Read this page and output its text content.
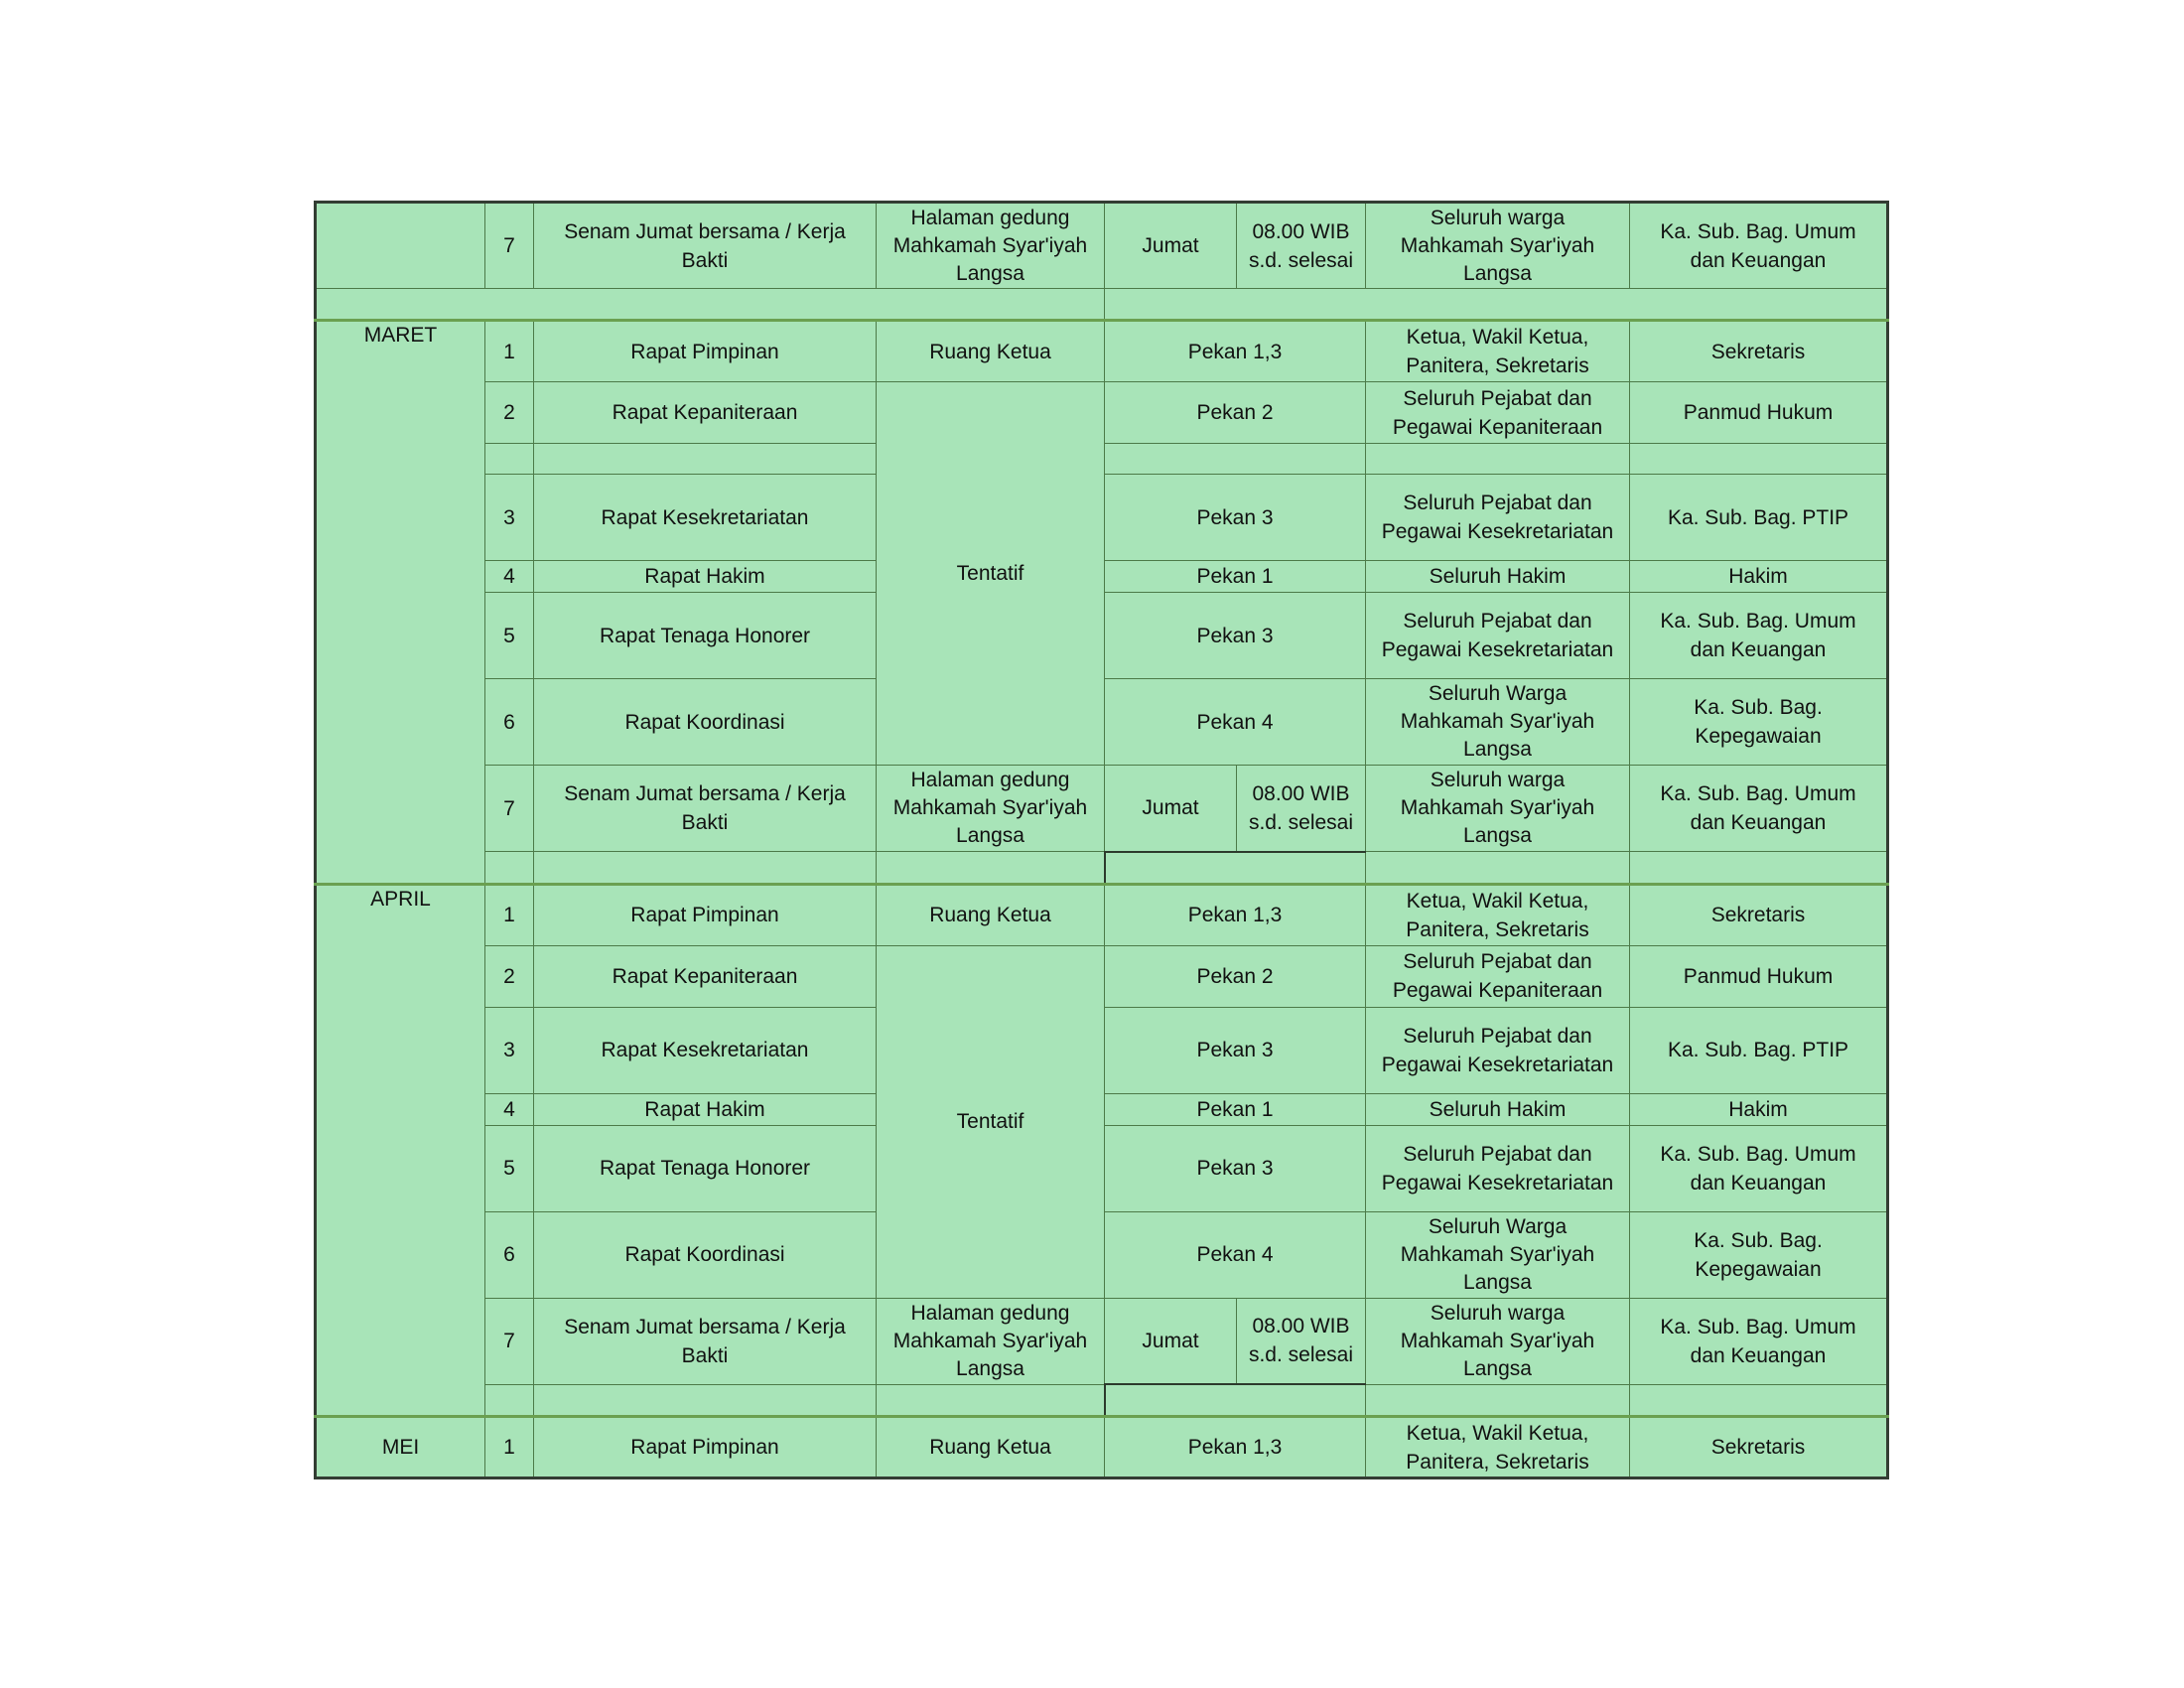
	7	Senam Jumat bersama / Kerja
Bakti	Halaman gedung
Mahkamah Syar'iyah
Langsa	Jumat	08.00 WIB
s.d. selesai	Seluruh warga
Mahkamah Syar'iyah
Langsa	Ka. Sub. Bag. Umum
dan Keuangan

MARET	1	Rapat Pimpinan	Ruang Ketua	Pekan 1,3		Ketua, Wakil Ketua,
Panitera, Sekretaris	Sekretaris
	2	Rapat Kepaniteraan	Tentatif	Pekan 2		Seluruh Pejabat dan
Pegawai Kepaniteraan	Panmud Hukum

	3	Rapat Kesekretariatan		Pekan 3		Seluruh Pejabat dan
Pegawai Kesekretariatan	Ka. Sub. Bag. PTIP
	4	Rapat Hakim		Pekan 1		Seluruh Hakim	Hakim
	5	Rapat Tenaga Honorer		Pekan 3		Seluruh Pejabat dan
Pegawai Kesekretariatan	Ka. Sub. Bag. Umum
dan Keuangan
	6	Rapat Koordinasi		Pekan 4		Seluruh Warga
Mahkamah Syar'iyah
Langsa	Ka. Sub. Bag.
Kepegawaian
	7	Senam Jumat bersama / Kerja
Bakti	Halaman gedung
Mahkamah Syar'iyah
Langsa	Jumat	08.00 WIB
s.d. selesai	Seluruh warga
Mahkamah Syar'iyah
Langsa	Ka. Sub. Bag. Umum
dan Keuangan

APRIL	1	Rapat Pimpinan	Ruang Ketua	Pekan 1,3		Ketua, Wakil Ketua,
Panitera, Sekretaris	Sekretaris
	2	Rapat Kepaniteraan	Tentatif	Pekan 2		Seluruh Pejabat dan
Pegawai Kepaniteraan	Panmud Hukum
	3	Rapat Kesekretariatan		Pekan 3		Seluruh Pejabat dan
Pegawai Kesekretariatan	Ka. Sub. Bag. PTIP
	4	Rapat Hakim		Pekan 1		Seluruh Hakim	Hakim
	5	Rapat Tenaga Honorer		Pekan 3		Seluruh Pejabat dan
Pegawai Kesekretariatan	Ka. Sub. Bag. Umum
dan Keuangan
	6	Rapat Koordinasi		Pekan 4		Seluruh Warga
Mahkamah Syar'iyah
Langsa	Ka. Sub. Bag.
Kepegawaian
	7	Senam Jumat bersama / Kerja
Bakti	Halaman gedung
Mahkamah Syar'iyah
Langsa	Jumat	08.00 WIB
s.d. selesai	Seluruh warga
Mahkamah Syar'iyah
Langsa	Ka. Sub. Bag. Umum
dan Keuangan

MEI	1	Rapat Pimpinan	Ruang Ketua	Pekan 1,3		Ketua, Wakil Ketua,
Panitera, Sekretaris	Sekretaris
